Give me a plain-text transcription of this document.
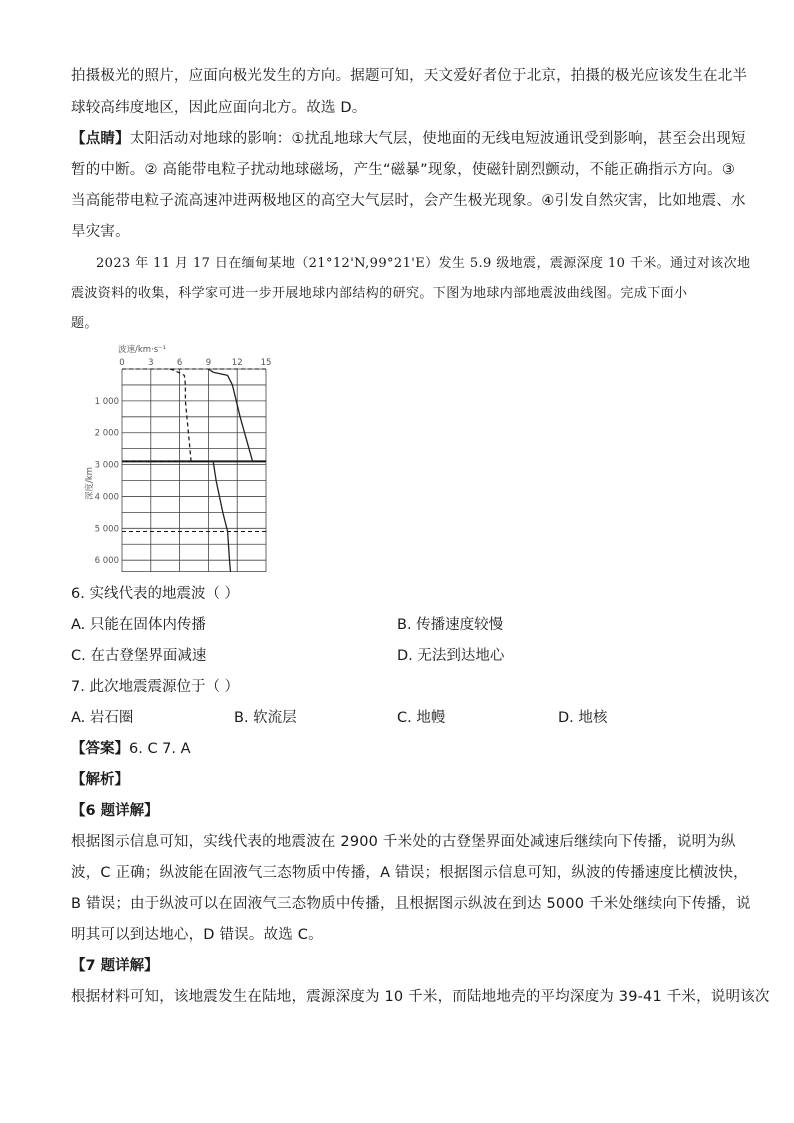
拍摄极光的照片，应面向极光发生的方向。据题可知，天文爱好者位于北京，拍摄的极光应该发生在北半
球较高纬度地区，因此应面向北方。故选 D。
【点睛】太阳活动对地球的影响：①扰乱地球大气层，使地面的无线电短波通讯受到影响，甚至会出现短
暂的中断。② 高能带电粒子扰动地球磁场，产生“磁暴”现象，使磁针剧烈颤动，不能正确指示方向。③
当高能带电粒子流高速冲进两极地区的高空大气层时，会产生极光现象。④引发自然灾害，比如地震、水
旱灾害。
2023 年 11 月 17 日在缅甸某地（21°12'N,99°21'E）发生 5.9 级地震，震源深度 10 千米。通过对该次地
震波资料的收集，科学家可进一步开展地球内部结构的研究。下图为地球内部地震波曲线图。完成下面小
题。
波速/km·s⁻¹
0	3	6	9 12 15
1 000
2 000
3 000
4 000
5 000
6 000
深度/km
6. 实线代表的地震波（ ）
A. 只能在固体内传播	B. 传播速度较慢
C. 在古登堡界面减速	D. 无法到达地心
7. 此次地震震源位于（ ）
A. 岩石圈	B. 软流层	C. 地幔	D. 地核
【答案】6. C 7. A
【解析】
【6 题详解】
根据图示信息可知，实线代表的地震波在 2900 千米处的古登堡界面处减速后继续向下传播，说明为纵
波，C 正确；纵波能在固液气三态物质中传播，A 错误；根据图示信息可知，纵波的传播速度比横波快，
B 错误；由于纵波可以在固液气三态物质中传播，且根据图示纵波在到达 5000 千米处继续向下传播，说
明其可以到达地心，D 错误。故选 C。
【7 题详解】
根据材料可知，该地震发生在陆地，震源深度为 10 千米，而陆地地壳的平均深度为 39-41 千米，说明该次
